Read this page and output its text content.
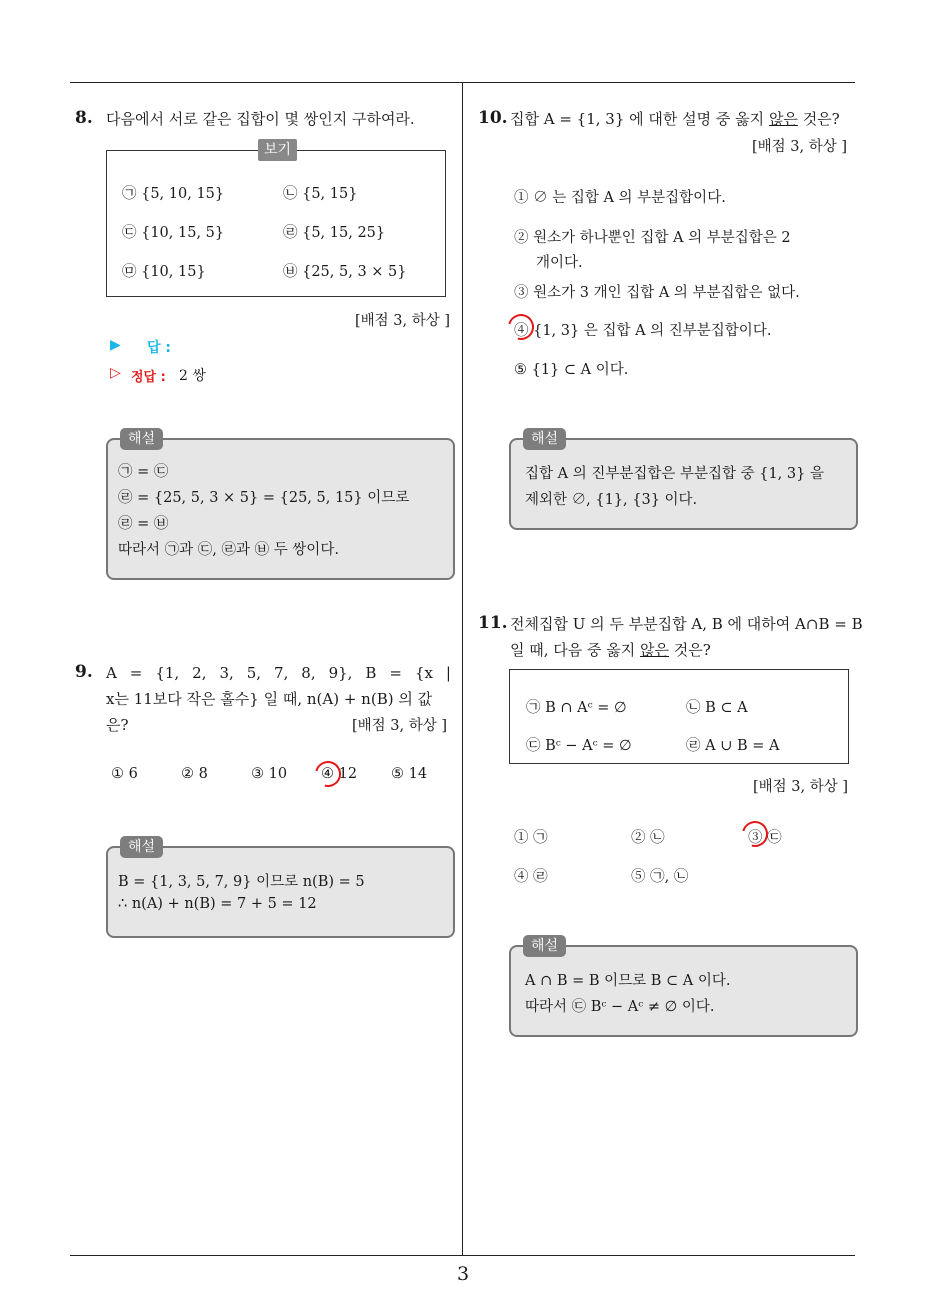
3
8. 다음에서 서로 같은 집합이 몇 쌍인지 구하여라.
보기
㉠ {5, 10, 15}	㉡ {5, 15}
㉢ {10, 15, 5}	㉣ {5, 15, 25}
㉤ {10, 15}	㉥ {25, 5, 3 × 5}
[배점 3, 하상 ]
▶ 답 :
▷ 정답 : 2 쌍
해설
㉠ = ㉢
㉣ = {25, 5, 3 × 5} = {25, 5, 15} 이므로
㉣ = ㉥
따라서 ㉠과 ㉢, ㉣과 ㉥ 두 쌍이다.
9. A = {1, 2, 3, 5, 7, 8, 9}, B = {x |
x는 11보다 작은 홀수} 일 때, n(A) + n(B) 의 값
은?	[배점 3, 하상 ]
① 6	② 8	③ 10 ④ 12 ⑤ 14
해설
B = {1, 3, 5, 7, 9} 이므로 n(B) = 5
∴ n(A) + n(B) = 7 + 5 = 12
10. 집합 A = {1, 3} 에 대한 설명 중 옳지 않은 것은?
[배점 3, 하상 ]
① ∅ 는 집합 A 의 부분집합이다.
② 원소가 하나뿐인 집합 A 의 부분집합은 2
개이다.
③ 원소가 3 개인 집합 A 의 부분집합은 없다.
④ {1, 3} 은 집합 A 의 진부분집합이다.
⑤ {1} ⊂ A 이다.
해설
집합 A 의 진부분집합은 부분집합 중 {1, 3} 을
제외한 ∅, {1}, {3} 이다.
11. 전체집합 U 의 두 부분집합 A, B 에 대하여 A∩B = B
일 때, 다음 중 옳지 않은 것은?
㉠ B ∩ Aᶜ = ∅	㉡ B ⊂ A
㉢ Bᶜ − Aᶜ = ∅	㉣ A ∪ B = A
[배점 3, 하상 ]
① ㉠	② ㉡	③ ㉢
④ ㉣	⑤ ㉠, ㉡
해설
A ∩ B = B 이므로 B ⊂ A 이다.
따라서 ㉢ Bᶜ − Aᶜ ≠ ∅ 이다.
